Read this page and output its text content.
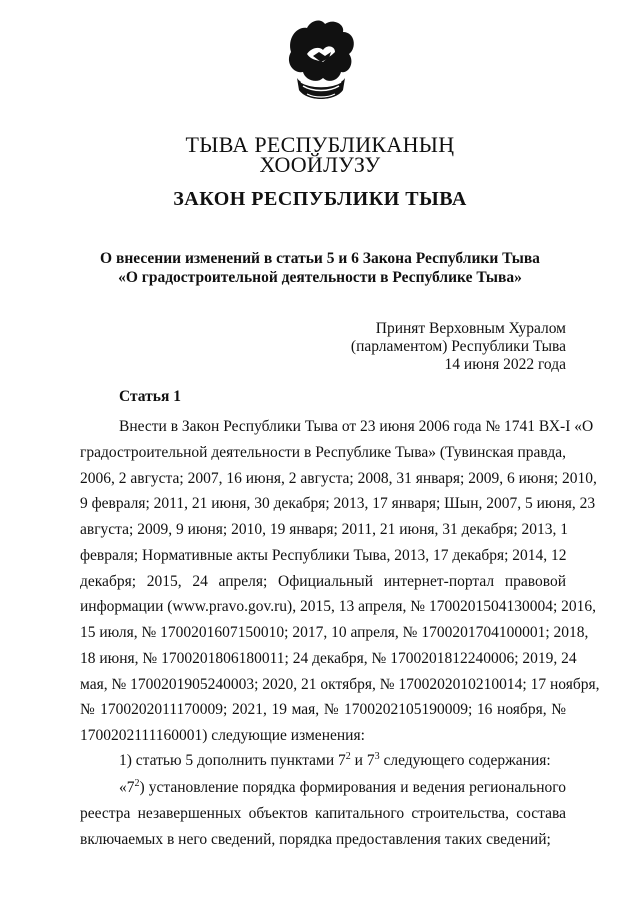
ТЫВА РЕСПУБЛИКАНЫҢ
ХООЙЛУЗУ
ЗАКОН РЕСПУБЛИКИ ТЫВА
О внесении изменений в статьи 5 и 6 Закона Республики Тыва
«О градостроительной деятельности в Республике Тыва»
Принят Верховным Хуралом
(парламентом) Республики Тыва
14 июня 2022 года
Статья 1
Внести в Закон Республики Тыва от 23 июня 2006 года № 1741 ВХ-I «О
градостроительной деятельности в Республике Тыва» (Тувинская правда,
2006, 2 августа; 2007, 16 июня, 2 августа; 2008, 31 января; 2009, 6 июня; 2010,
9 февраля; 2011, 21 июня, 30 декабря; 2013, 17 января; Шын, 2007, 5 июня, 23
августа; 2009, 9 июня; 2010, 19 января; 2011, 21 июня, 31 декабря; 2013, 1
февраля; Нормативные акты Республики Тыва, 2013, 17 декабря; 2014, 12
декабря; 2015, 24 апреля; Официальный интернет-портал правовой
информации (www.pravo.gov.ru), 2015, 13 апреля, № 1700201504130004; 2016,
15 июля, № 1700201607150010; 2017, 10 апреля, № 1700201704100001; 2018,
18 июня, № 1700201806180011; 24 декабря, № 1700201812240006; 2019, 24
мая, № 1700201905240003; 2020, 21 октября, № 1700202010210014; 17 ноября,
№ 1700202011170009; 2021, 19 мая, № 1700202105190009; 16 ноября, №
1700202111160001) следующие изменения:
1) статью 5 дополнить пунктами $7^2$ и $7^3$ следующего содержания:
«$7^2$) установление порядка формирования и ведения регионального
реестра незавершенных объектов капитального строительства, состава
включаемых в него сведений, порядка предоставления таких сведений;
